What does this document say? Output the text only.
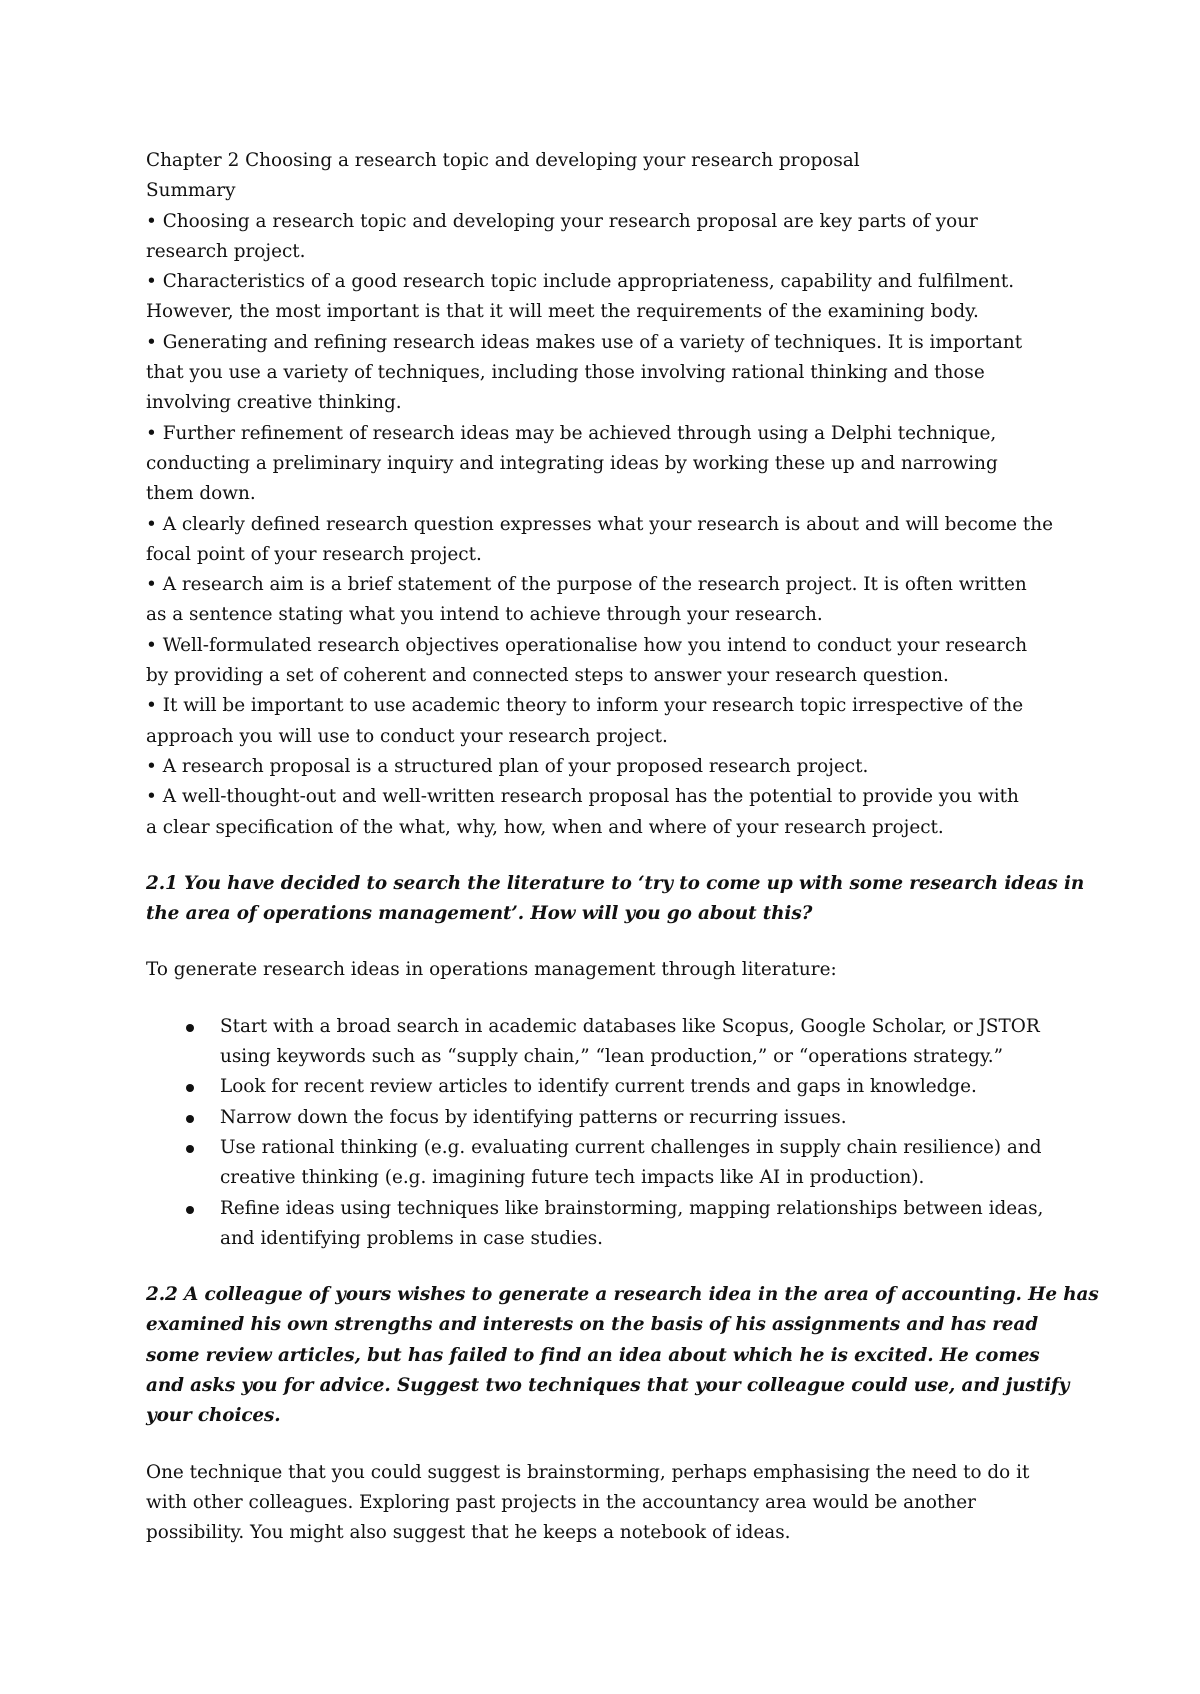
Chapter 2 Choosing a research topic and developing your research proposal
Summary
• Choosing a research topic and developing your research proposal are key parts of your
research project.
• Characteristics of a good research topic include appropriateness, capability and fulfilment.
However, the most important is that it will meet the requirements of the examining body.
• Generating and refining research ideas makes use of a variety of techniques. It is important
that you use a variety of techniques, including those involving rational thinking and those
involving creative thinking.
• Further refinement of research ideas may be achieved through using a Delphi technique,
conducting a preliminary inquiry and integrating ideas by working these up and narrowing
them down.
• A clearly defined research question expresses what your research is about and will become the
focal point of your research project.
• A research aim is a brief statement of the purpose of the research project. It is often written
as a sentence stating what you intend to achieve through your research.
• Well-formulated research objectives operationalise how you intend to conduct your research
by providing a set of coherent and connected steps to answer your research question.
• It will be important to use academic theory to inform your research topic irrespective of the
approach you will use to conduct your research project.
• A research proposal is a structured plan of your proposed research project.
• A well-thought-out and well-written research proposal has the potential to provide you with
a clear specification of the what, why, how, when and where of your research project.
2.1 You have decided to search the literature to ‘try to come up with some research ideas in
the area of operations management’. How will you go about this?
To generate research ideas in operations management through literature:
Start with a broad search in academic databases like Scopus, Google Scholar, or JSTOR
using keywords such as “supply chain,” “lean production,” or “operations strategy.”
Look for recent review articles to identify current trends and gaps in knowledge.
Narrow down the focus by identifying patterns or recurring issues.
Use rational thinking (e.g. evaluating current challenges in supply chain resilience) and
creative thinking (e.g. imagining future tech impacts like AI in production).
Refine ideas using techniques like brainstorming, mapping relationships between ideas,
and identifying problems in case studies.
2.2 A colleague of yours wishes to generate a research idea in the area of accounting. He has
examined his own strengths and interests on the basis of his assignments and has read
some review articles, but has failed to find an idea about which he is excited. He comes
and asks you for advice. Suggest two techniques that your colleague could use, and justify
your choices.
One technique that you could suggest is brainstorming, perhaps emphasising the need to do it
with other colleagues. Exploring past projects in the accountancy area would be another
possibility. You might also suggest that he keeps a notebook of ideas.
